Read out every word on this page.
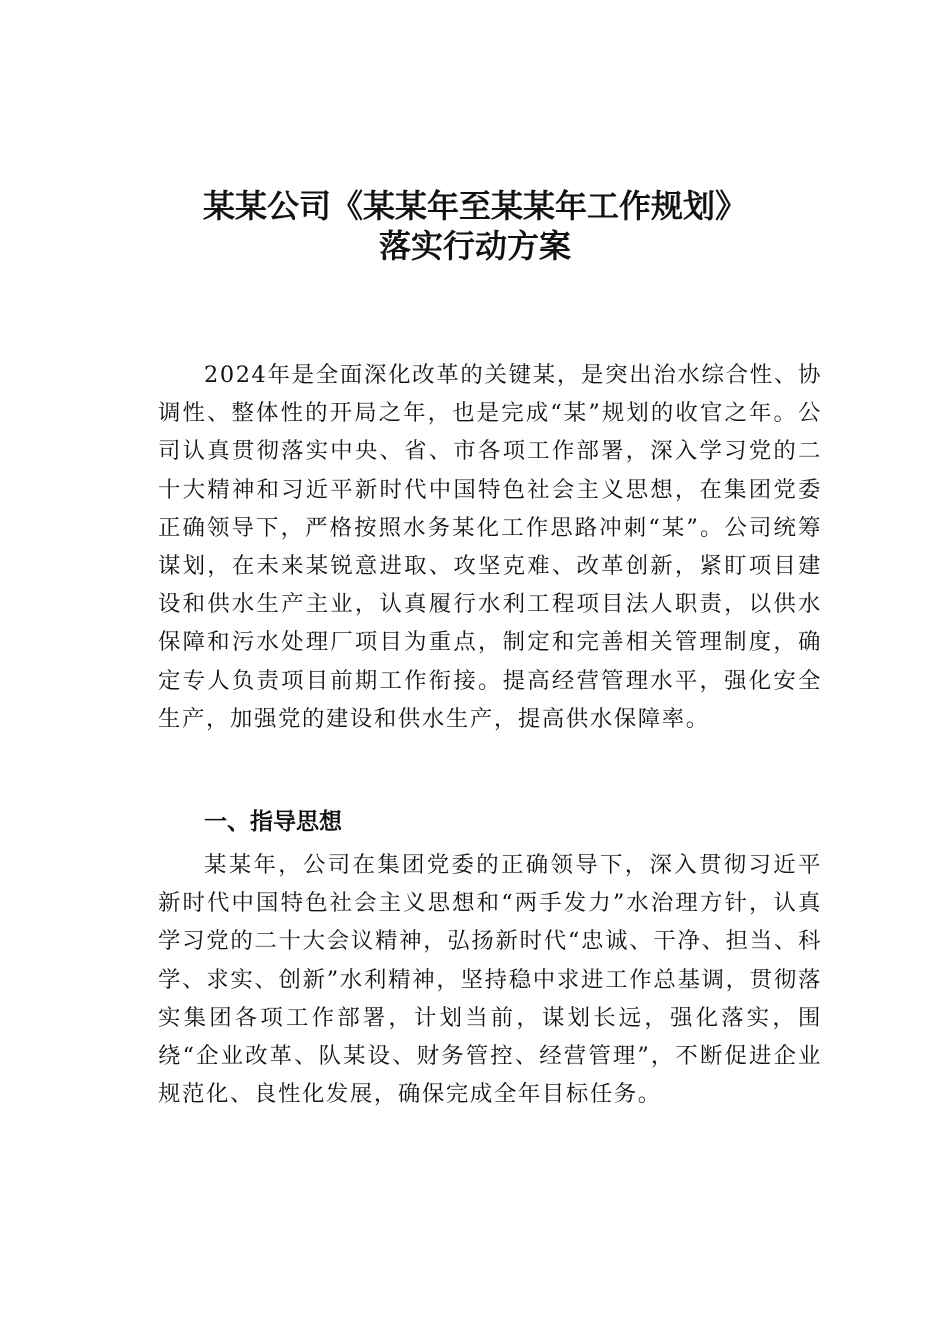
某某公司《某某年至某某年工作规划》
落实行动方案

2024年是全面深化改革的关键某，是突出治水综合性、协调性、整体性的开局之年，也是完成“某”规划的收官之年。公司认真贯彻落实中央、省、市各项工作部署，深入学习党的二十大精神和习近平新时代中国特色社会主义思想，在集团党委正确领导下，严格按照水务某化工作思路冲刺“某”。公司统筹谋划，在未来某锐意进取、攻坚克难、改革创新，紧盯项目建设和供水生产主业，认真履行水利工程项目法人职责，以供水保障和污水处理厂项目为重点，制定和完善相关管理制度，确定专人负责项目前期工作衔接。提高经营管理水平，强化安全生产，加强党的建设和供水生产，提高供水保障率。

一、指导思想

某某年，公司在集团党委的正确领导下，深入贯彻习近平新时代中国特色社会主义思想和“两手发力”水治理方针，认真学习党的二十大会议精神，弘扬新时代“忠诚、干净、担当、科学、求实、创新”水利精神，坚持稳中求进工作总基调，贯彻落实集团各项工作部署，计划当前，谋划长远，强化落实，围绕“企业改革、队某设、财务管控、经营管理”，不断促进企业规范化、良性化发展，确保完成全年目标任务。
